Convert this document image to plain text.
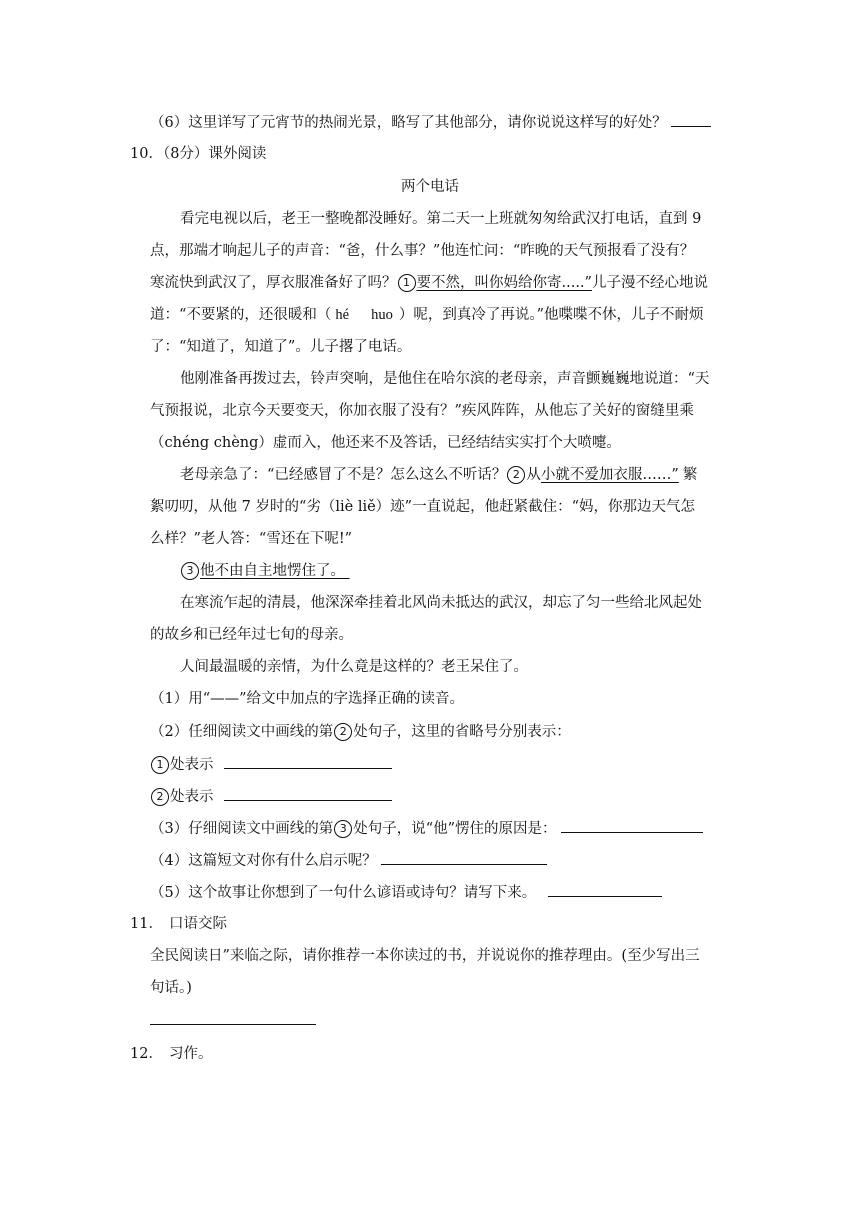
（6）这里详写了元宵节的热闹光景，略写了其他部分，请你说说这样写的好处？
10．（8分）课外阅读
两个电话
看完电视以后，老王一整晚都没睡好。第二天一上班就匆匆给武汉打电话，直到 9
点，那端才响起儿子的声音：“爸，什么事？”他连忙问：“昨晚的天气预报看了没有？
寒流快到武汉了，厚衣服准备好了吗？ 1 要不然，叫你妈给你寄.....”儿子漫不经心地说
道：“不要紧的，还很暖和（ hé huo ）呢，到真冷了再说。”他喋喋不休，儿子不耐烦
了：“知道了，知道了”。儿子撂了电话。
他刚准备再拨过去，铃声突响，是他住在哈尔滨的老母亲，声音颤巍巍地说道：“天
气预报说，北京今天要变天，你加衣服了没有？”疾风阵阵，从他忘了关好的窗缝里乘
（chéng chèng）虚而入，他还来不及答话，已经结结实实打个大喷嚏。
老母亲急了：“已经感冒了不是？怎么这么不听话？ 2 从小就不爱加衣服……” 繁
絮叨叨，从他 7 岁时的“劣（liè liě）迹”一直说起，他赶紧截住：“妈，你那边天气怎
么样？”老人答：“雪还在下呢!”
3 他不由自主地愣住了。
在寒流乍起的清晨，他深深牵挂着北风尚未抵达的武汉，却忘了匀一些给北风起处
的故乡和已经年过七旬的母亲。
人间最温暖的亲情，为什么竟是这样的？老王呆住了。
（1）用“——”给文中加点的字选择正确的读音。
（2）任细阅读文中画线的第 2 处句子，这里的省略号分别表示：
1 处表示
2 处表示
（3）仔细阅读文中画线的第 3 处句子，说“他”愣住的原因是：
（4）这篇短文对你有什么启示呢？
（5）这个故事让你想到了一句什么谚语或诗句？请写下来。
11． 口语交际
全民阅读日”来临之际，请你推荐一本你读过的书，并说说你的推荐理由。(至少写出三
句话。)
12． 习作。
